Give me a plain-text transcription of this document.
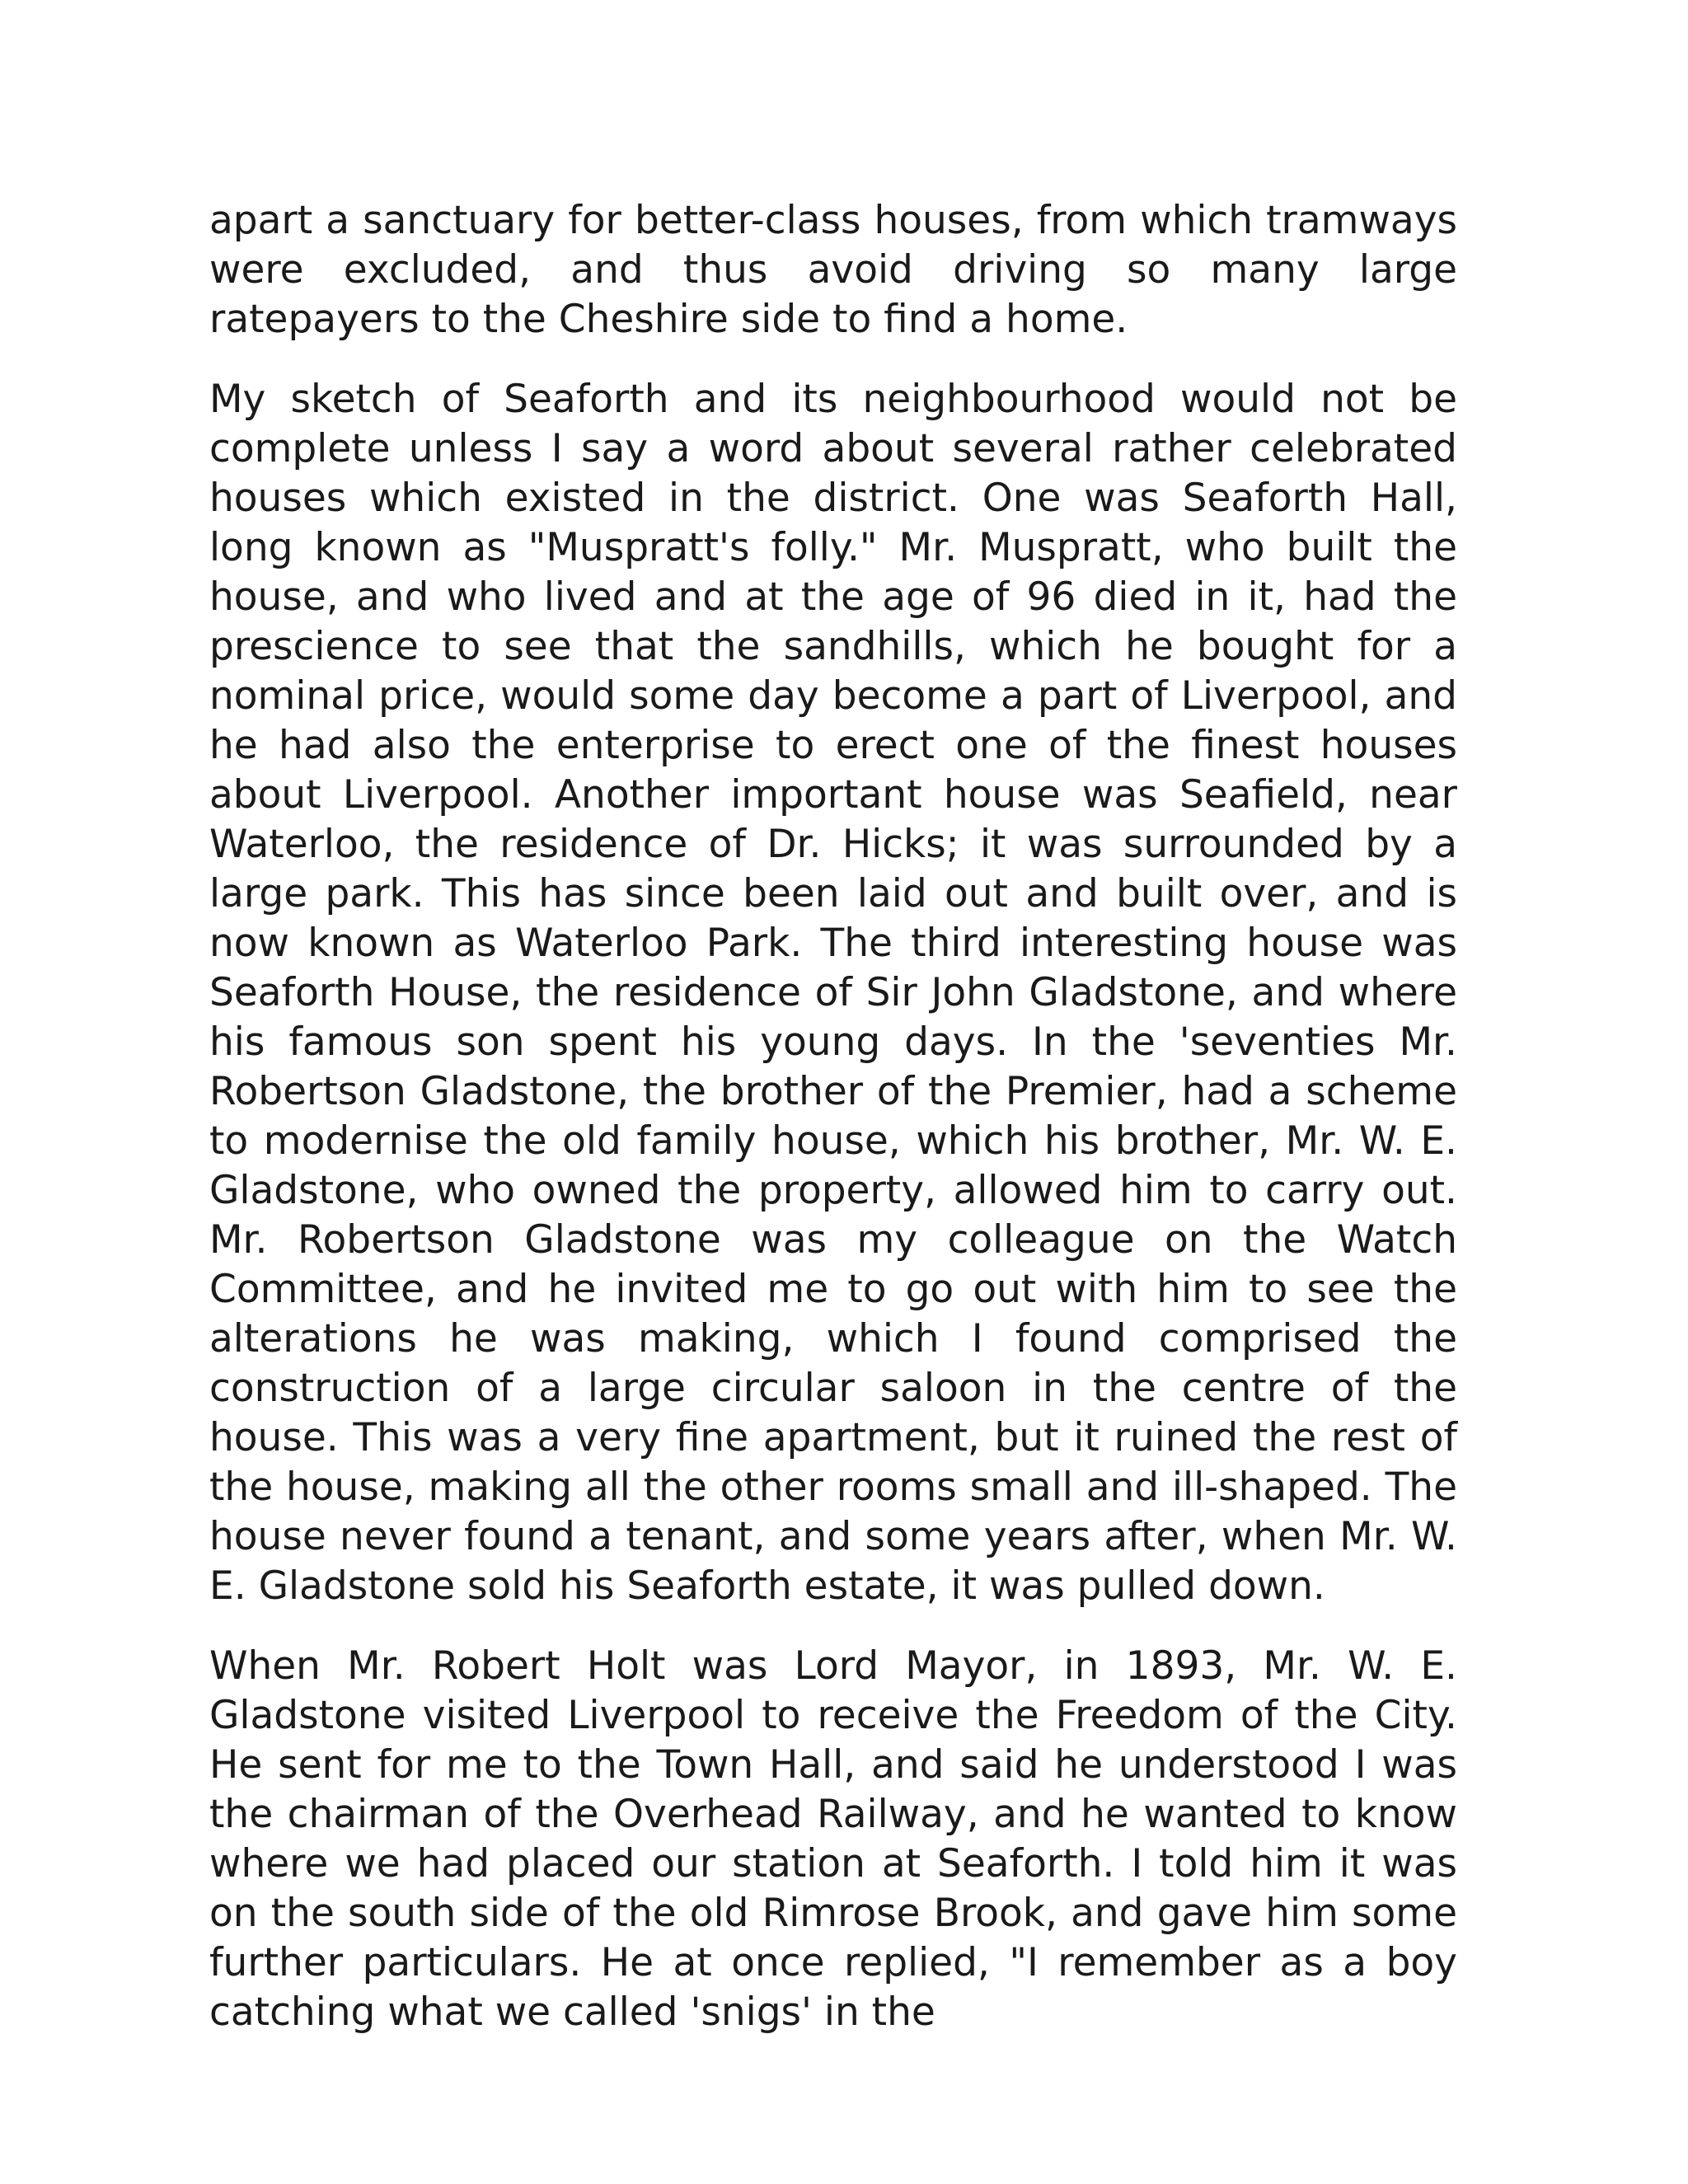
apart a sanctuary for better-class houses, from which tramways were excluded, and thus avoid driving so many large ratepayers to the Cheshire side to find a home.

My sketch of Seaforth and its neighbourhood would not be complete unless I say a word about several rather celebrated houses which existed in the district. One was Seaforth Hall, long known as "Muspratt's folly." Mr. Muspratt, who built the house, and who lived and at the age of 96 died in it, had the prescience to see that the sandhills, which he bought for a nominal price, would some day become a part of Liverpool, and he had also the enterprise to erect one of the finest houses about Liverpool. Another important house was Seafield, near Waterloo, the residence of Dr. Hicks; it was surrounded by a large park. This has since been laid out and built over, and is now known as Waterloo Park. The third interesting house was Seaforth House, the residence of Sir John Gladstone, and where his famous son spent his young days. In the 'seventies Mr. Robertson Gladstone, the brother of the Premier, had a scheme to modernise the old family house, which his brother, Mr. W. E. Gladstone, who owned the property, allowed him to carry out. Mr. Robertson Gladstone was my colleague on the Watch Committee, and he invited me to go out with him to see the alterations he was making, which I found comprised the construction of a large circular saloon in the centre of the house. This was a very fine apartment, but it ruined the rest of the house, making all the other rooms small and ill-shaped. The house never found a tenant, and some years after, when Mr. W. E. Gladstone sold his Seaforth estate, it was pulled down.

When Mr. Robert Holt was Lord Mayor, in 1893, Mr. W. E. Gladstone visited Liverpool to receive the Freedom of the City. He sent for me to the Town Hall, and said he understood I was the chairman of the Overhead Railway, and he wanted to know where we had placed our station at Seaforth. I told him it was on the south side of the old Rimrose Brook, and gave him some further particulars. He at once replied, "I remember as a boy catching what we called 'snigs' in the
